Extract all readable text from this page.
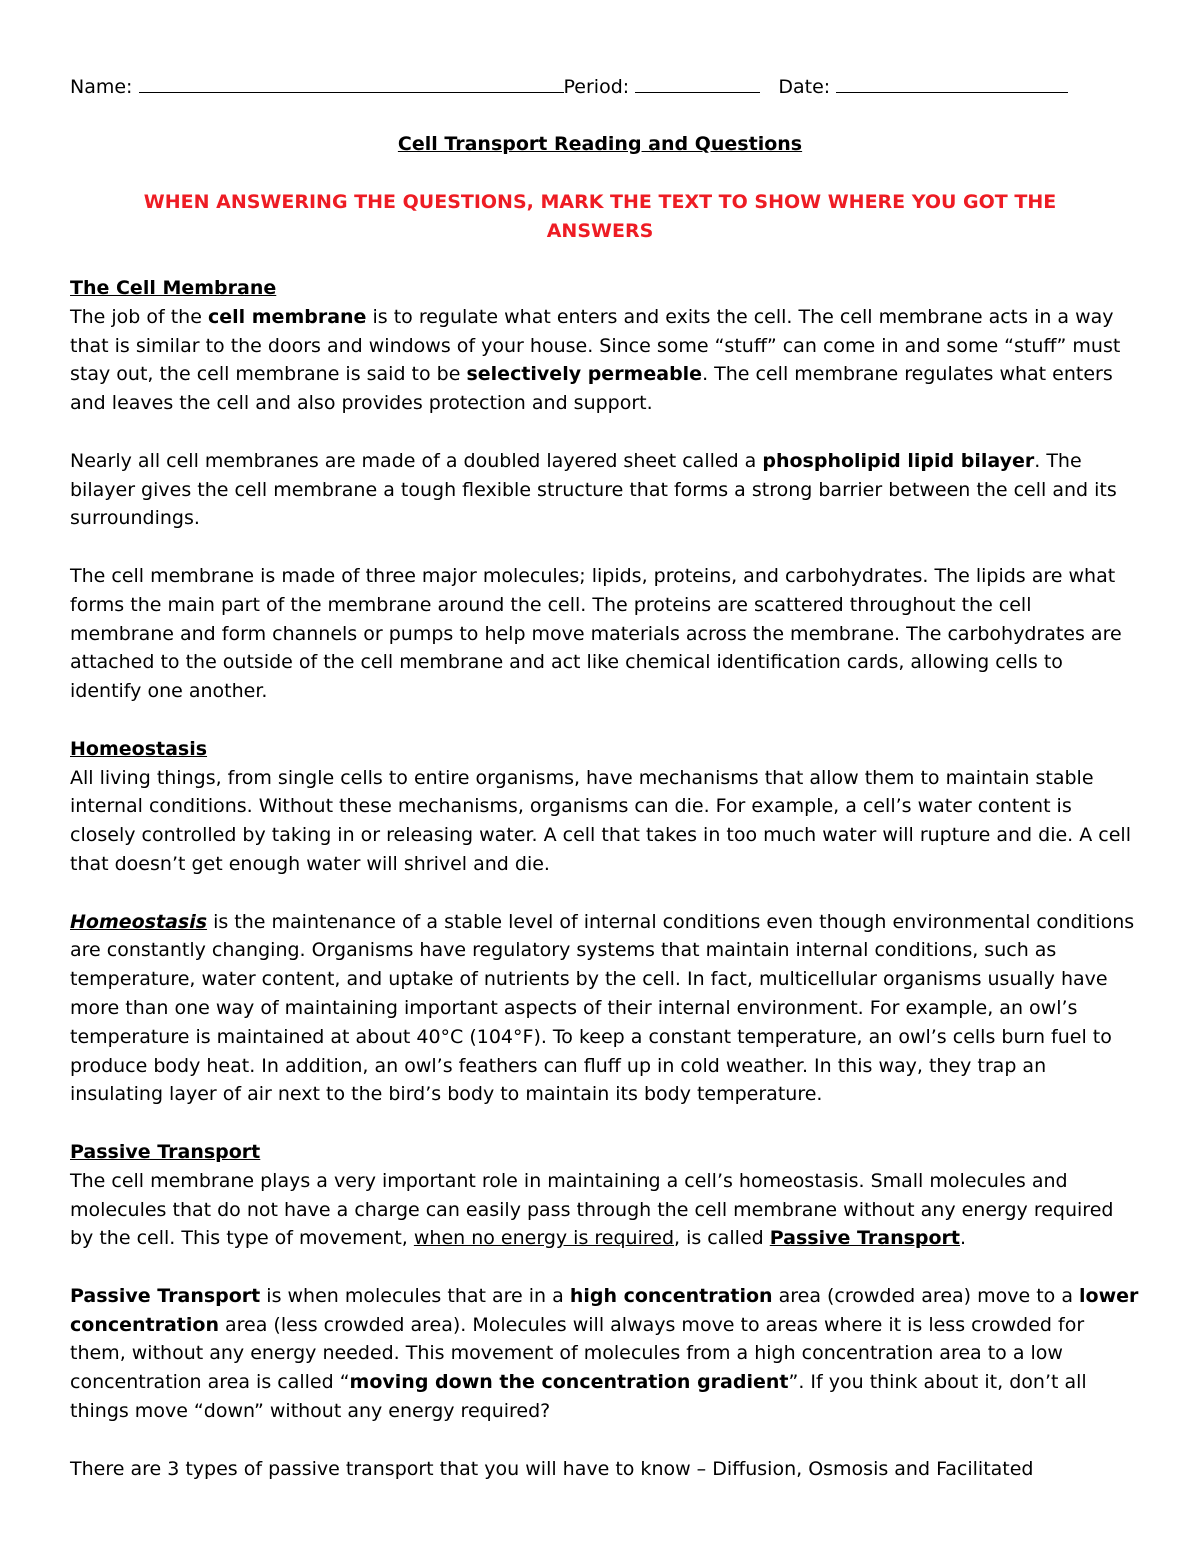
Name:	Period:	Date:
Cell Transport Reading and Questions
WHEN ANSWERING THE QUESTIONS, MARK THE TEXT TO SHOW WHERE YOU GOT THE ANSWERS

The Cell Membrane

The job of the cell membrane is to regulate what enters and exits the cell. The cell membrane acts in a way that is similar to the doors and windows of your house. Since some “stuff” can come in and some “stuff” must stay out, the cell membrane is said to be selectively permeable. The cell membrane regulates what enters and leaves the cell and also provides protection and support.

Nearly all cell membranes are made of a doubled layered sheet called a phospholipid lipid bilayer. The bilayer gives the cell membrane a tough flexible structure that forms a strong barrier between the cell and its surroundings.

The cell membrane is made of three major molecules; lipids, proteins, and carbohydrates. The lipids are what forms the main part of the membrane around the cell. The proteins are scattered throughout the cell membrane and form channels or pumps to help move materials across the membrane. The carbohydrates are attached to the outside of the cell membrane and act like chemical identification cards, allowing cells to identify one another.

Homeostasis

All living things, from single cells to entire organisms, have mechanisms that allow them to maintain stable internal conditions. Without these mechanisms, organisms can die. For example, a cell’s water content is closely controlled by taking in or releasing water. A cell that takes in too much water will rupture and die. A cell that doesn’t get enough water will shrivel and die.

Homeostasis is the maintenance of a stable level of internal conditions even though environmental conditions are constantly changing. Organisms have regulatory systems that maintain internal conditions, such as temperature, water content, and uptake of nutrients by the cell. In fact, multicellular organisms usually have more than one way of maintaining important aspects of their internal environment. For example, an owl’s temperature is maintained at about 40°C (104°F). To keep a constant temperature, an owl’s cells burn fuel to produce body heat. In addition, an owl’s feathers can fluff up in cold weather. In this way, they trap an insulating layer of air next to the bird’s body to maintain its body temperature.

Passive Transport

The cell membrane plays a very important role in maintaining a cell’s homeostasis. Small molecules and molecules that do not have a charge can easily pass through the cell membrane without any energy required by the cell. This type of movement, when no energy is required, is called Passive Transport.

Passive Transport is when molecules that are in a high concentration area (crowded area) move to a lower concentration area (less crowded area). Molecules will always move to areas where it is less crowded for them, without any energy needed. This movement of molecules from a high concentration area to a low concentration area is called “moving down the concentration gradient”. If you think about it, don’t all things move “down” without any energy required?

There are 3 types of passive transport that you will have to know – Diffusion, Osmosis and Facilitated
